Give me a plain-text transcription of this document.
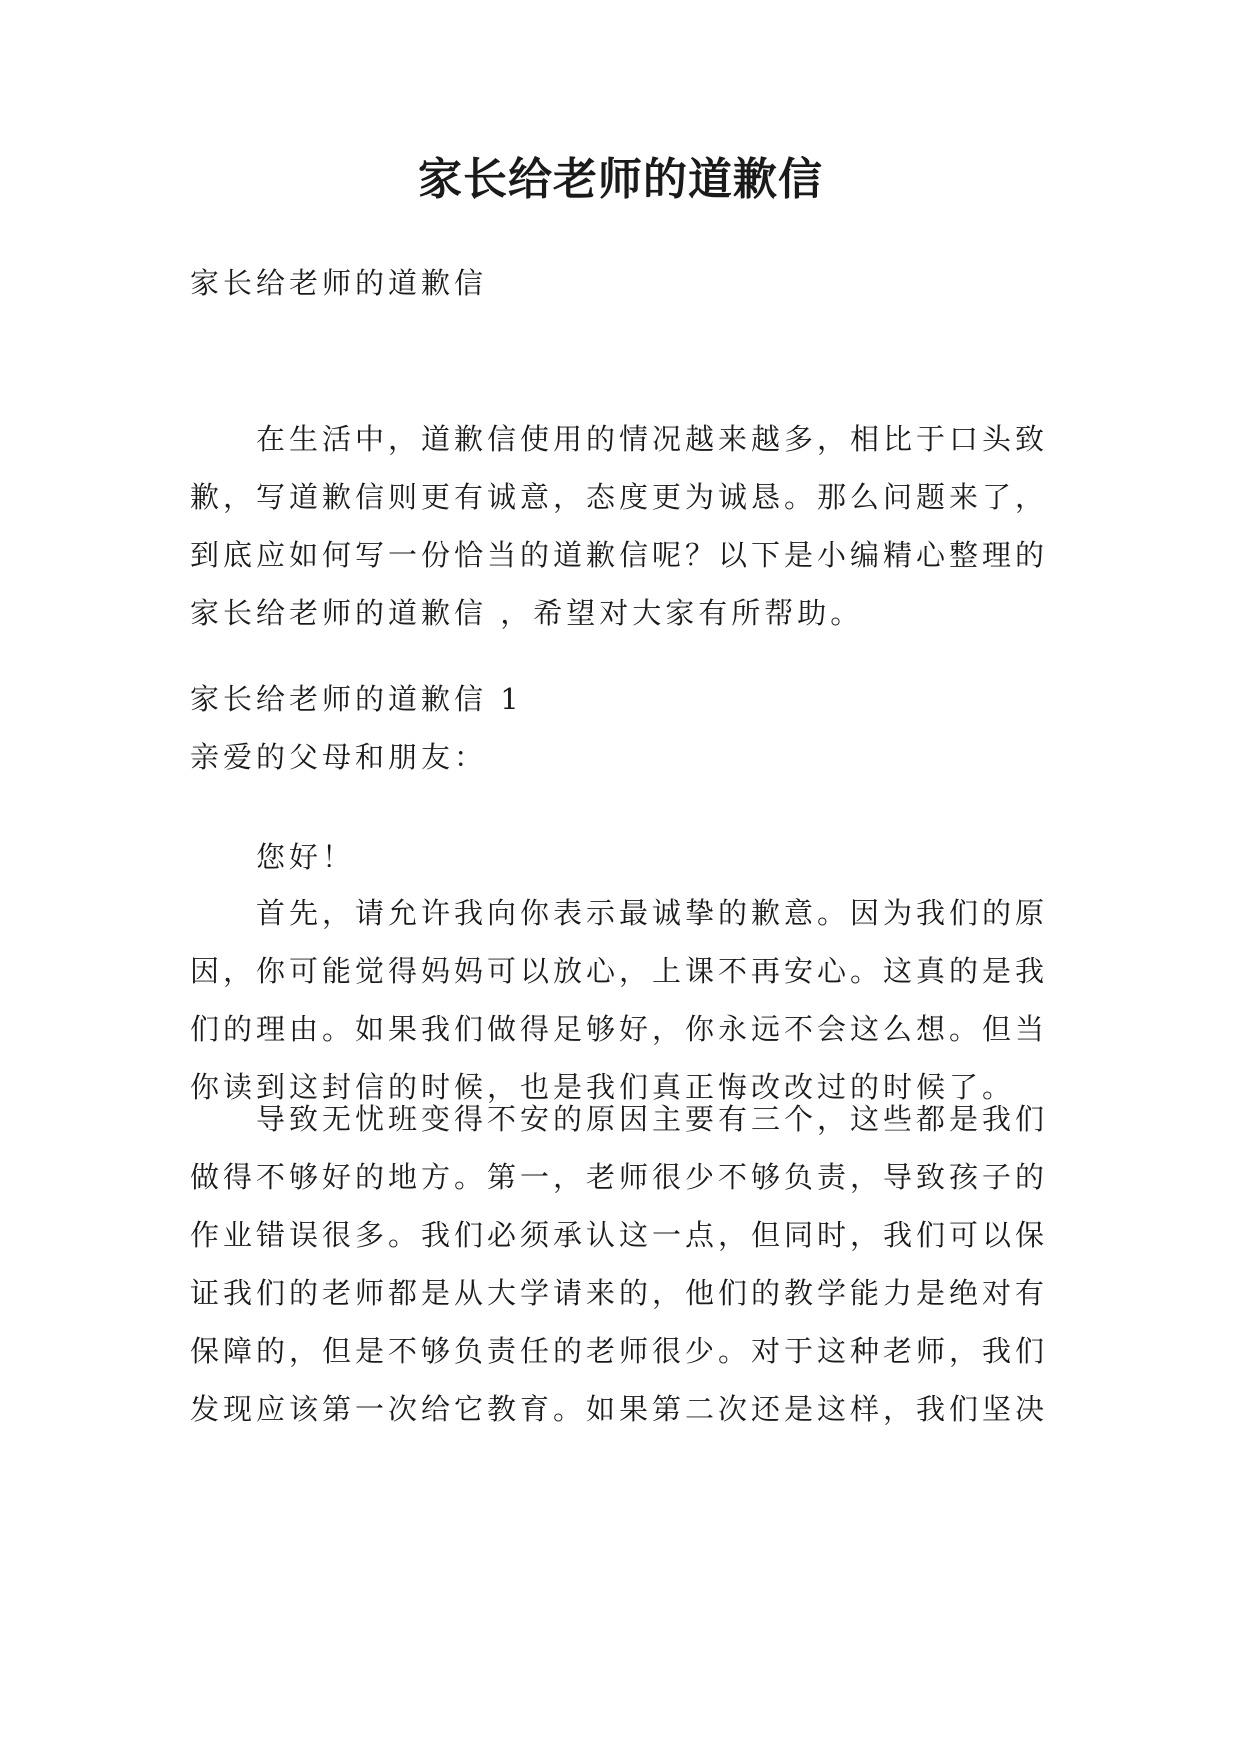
家长给老师的道歉信

家长给老师的道歉信

在生活中，道歉信使用的情况越来越多，相比于口头致歉，写道歉信则更有诚意，态度更为诚恳。那么问题来了，到底应如何写一份恰当的道歉信呢？以下是小编精心整理的家长给老师的道歉信 ，希望对大家有所帮助。

家长给老师的道歉信 1

亲爱的父母和朋友：

您好！

首先，请允许我向你表示最诚挚的歉意。因为我们的原因，你可能觉得妈妈可以放心，上课不再安心。这真的是我们的理由。如果我们做得足够好，你永远不会这么想。但当你读到这封信的时候，也是我们真正悔改改过的时候了。

导致无忧班变得不安的原因主要有三个，这些都是我们做得不够好的地方。第一，老师很少不够负责，导致孩子的作业错误很多。我们必须承认这一点，但同时，我们可以保证我们的老师都是从大学请来的，他们的教学能力是绝对有保障的，但是不够负责任的老师很少。对于这种老师，我们发现应该第一次给它教育。如果第二次还是这样，我们坚决
